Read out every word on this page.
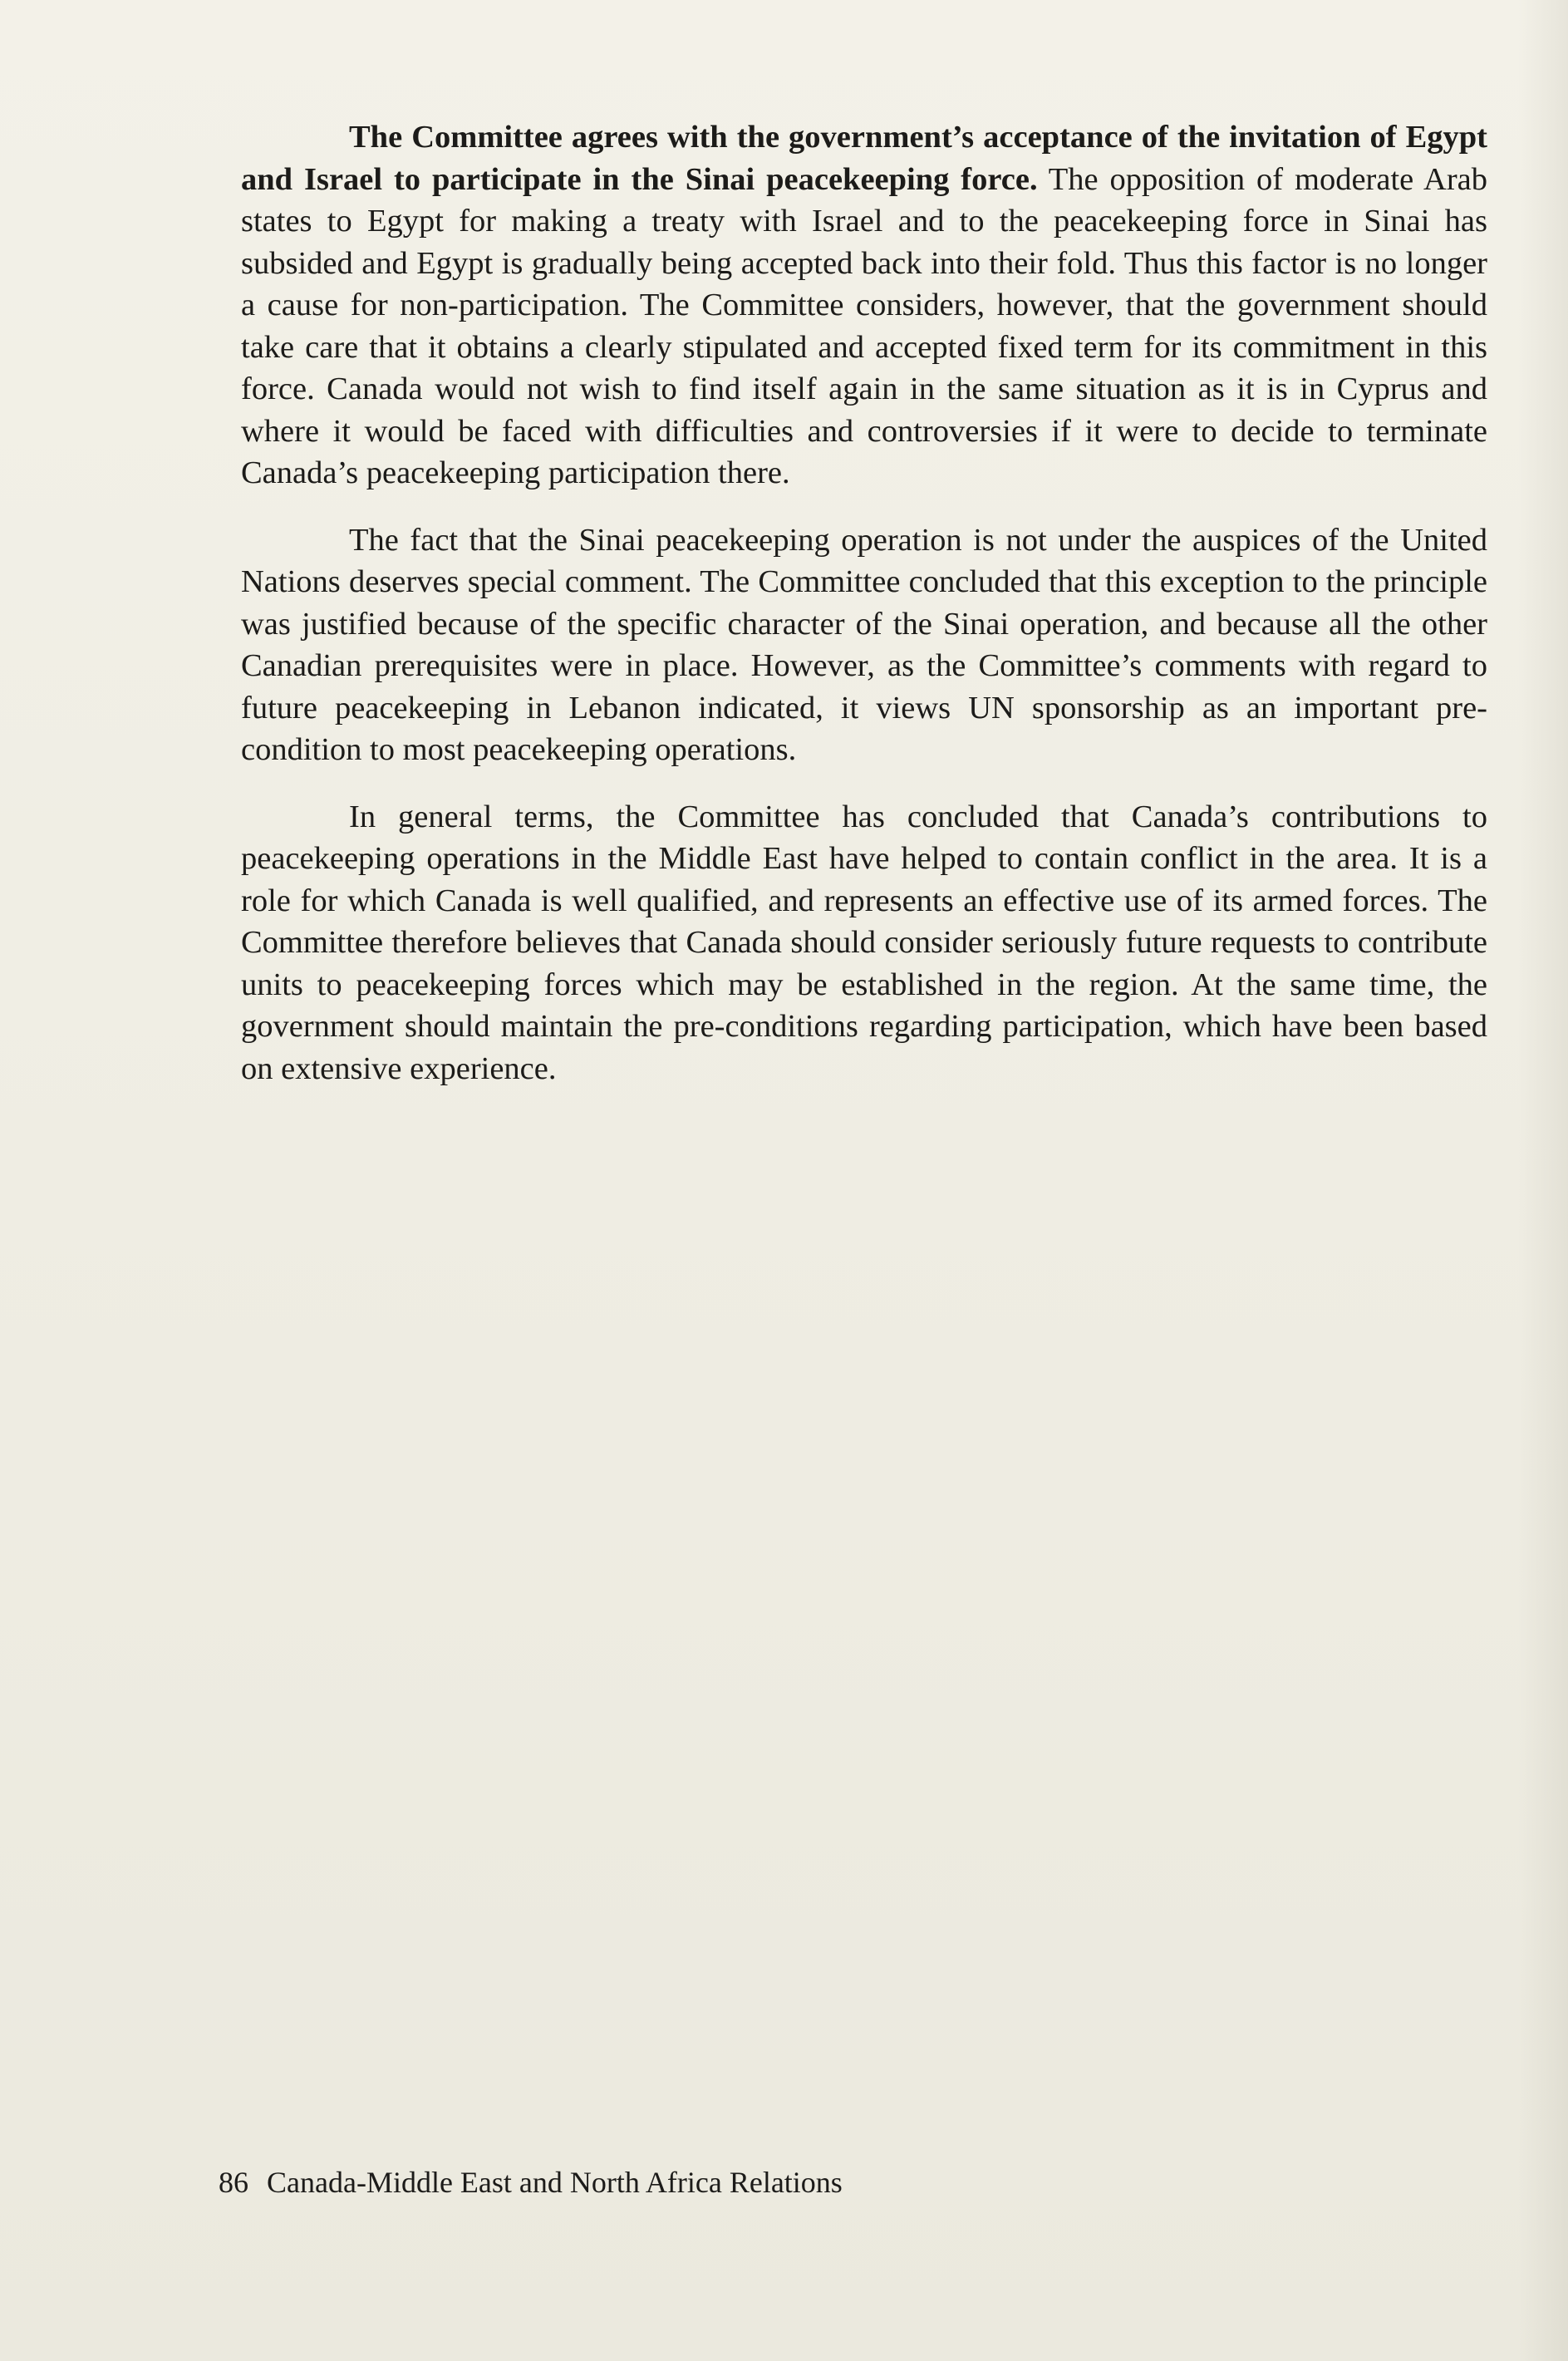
The Committee agrees with the government’s acceptance of the invitation of Egypt and Israel to participate in the Sinai peacekeeping force. The opposition of moderate Arab states to Egypt for making a treaty with Israel and to the peacekeeping force in Sinai has subsided and Egypt is gradually being accepted back into their fold. Thus this factor is no longer a cause for non-participation. The Committee considers, however, that the government should take care that it obtains a clearly stipulated and accepted fixed term for its commitment in this force. Canada would not wish to find itself again in the same situation as it is in Cyprus and where it would be faced with difficulties and controversies if it were to decide to terminate Canada’s peacekeeping participation there.

The fact that the Sinai peacekeeping operation is not under the auspices of the United Nations deserves special comment. The Committee concluded that this exception to the principle was justified because of the specific character of the Sinai operation, and because all the other Canadian prerequisites were in place. However, as the Committee’s comments with regard to future peacekeeping in Lebanon indicated, it views UN sponsorship as an important pre-condition to most peacekeeping operations.

In general terms, the Committee has concluded that Canada’s contributions to peacekeeping operations in the Middle East have helped to contain conflict in the area. It is a role for which Canada is well qualified, and represents an effective use of its armed forces. The Committee therefore believes that Canada should consider seriously future requests to contribute units to peacekeeping forces which may be established in the region. At the same time, the government should maintain the pre-conditions regarding participation, which have been based on extensive experience.

86 Canada-Middle East and North Africa Relations
